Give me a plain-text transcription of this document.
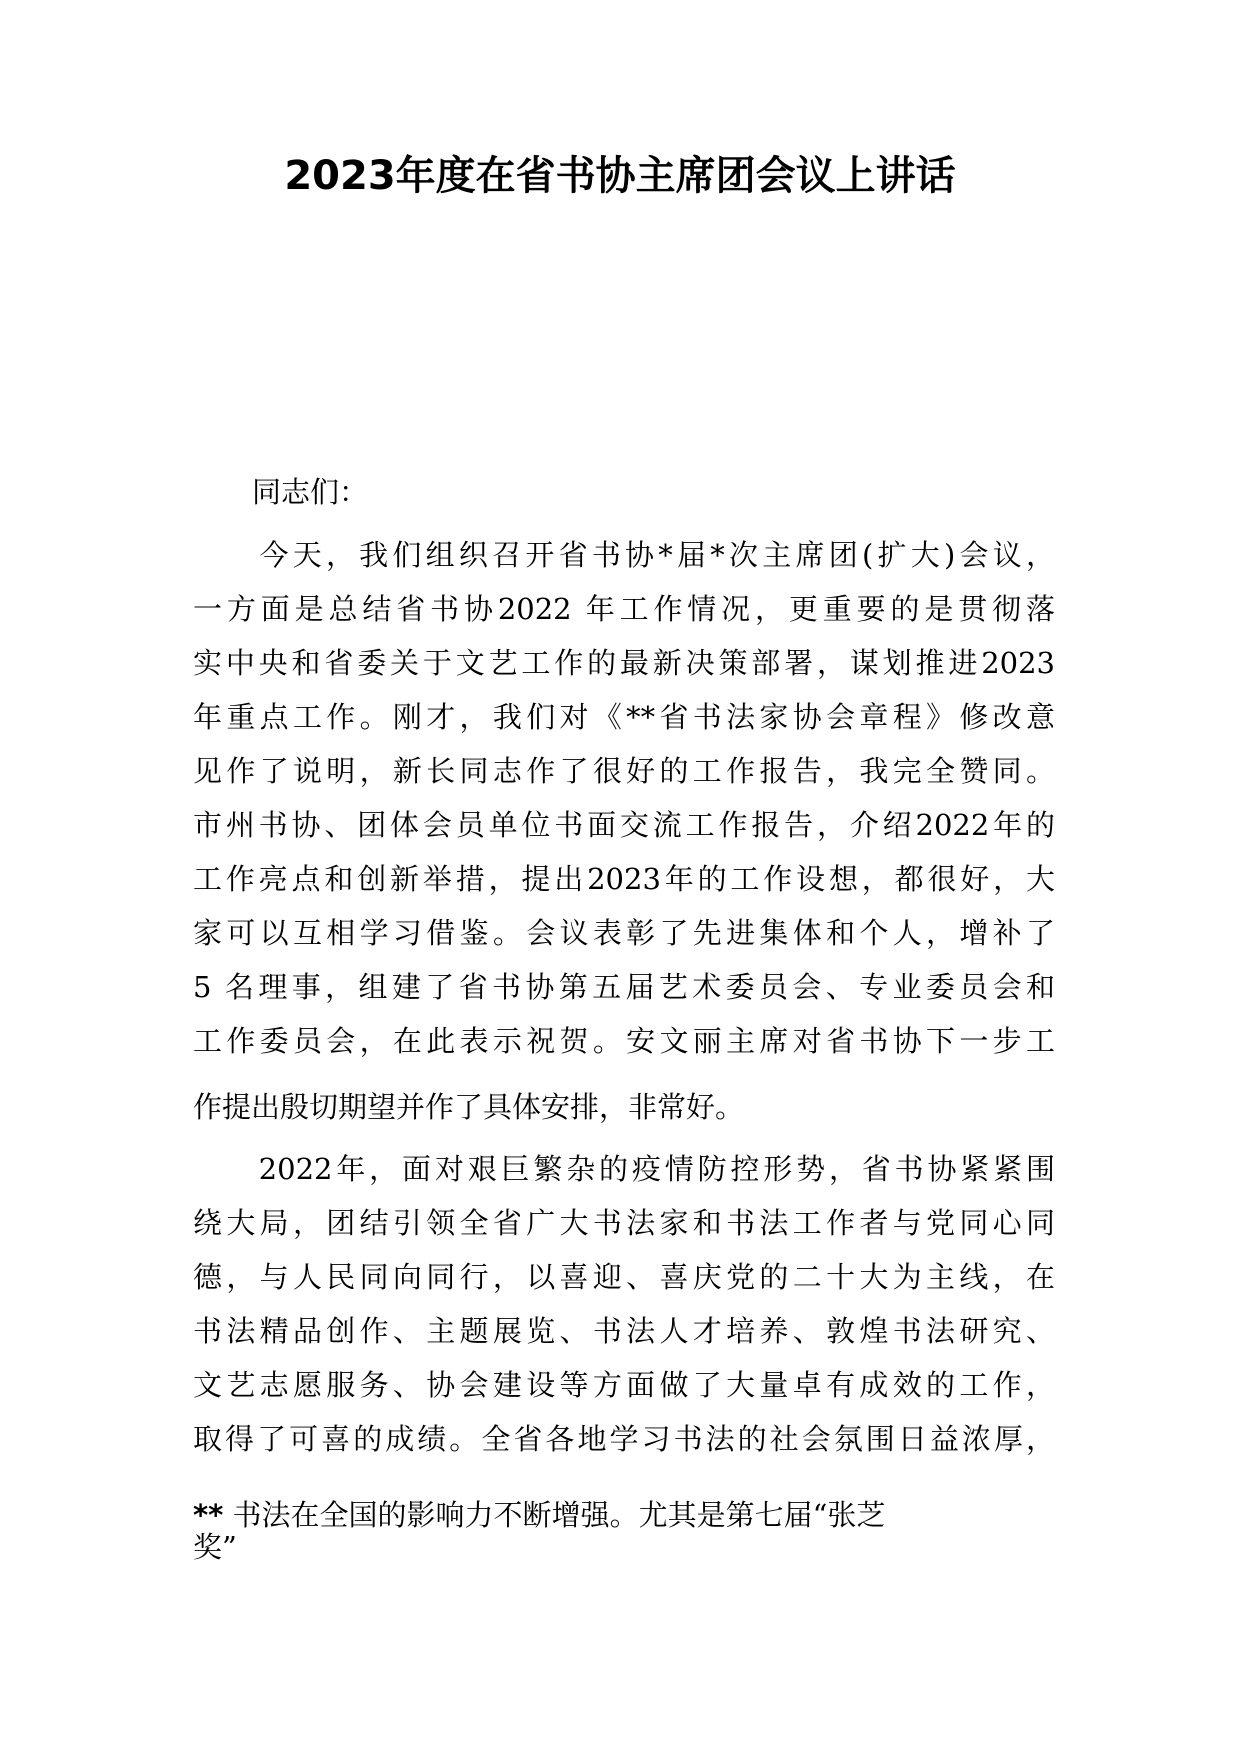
2023年度在省书协主席团会议上讲话
同志们：
　　今天，我们组织召开省书协*届*次主席团(扩大)会议，
一方面是总结省书协2022 年工作情况，更重要的是贯彻落
实中央和省委关于文艺工作的最新决策部署，谋划推进2023
年重点工作。刚才，我们对《**省书法家协会章程》修改意
见作了说明，新长同志作了很好的工作报告，我完全赞同。
市州书协、团体会员单位书面交流工作报告，介绍2022年的
工作亮点和创新举措，提出2023年的工作设想，都很好，大
家可以互相学习借鉴。会议表彰了先进集体和个人，增补了
5 名理事，组建了省书协第五届艺术委员会、专业委员会和
工作委员会，在此表示祝贺。安文丽主席对省书协下一步工
作提出殷切期望并作了具体安排，非常好。
　　2022年，面对艰巨繁杂的疫情防控形势，省书协紧紧围
绕大局，团结引领全省广大书法家和书法工作者与党同心同
德，与人民同向同行，以喜迎、喜庆党的二十大为主线，在
书法精品创作、主题展览、书法人才培养、敦煌书法研究、
文艺志愿服务、协会建设等方面做了大量卓有成效的工作，
取得了可喜的成绩。全省各地学习书法的社会氛围日益浓厚，
** 书法在全国的影响力不断增强。尤其是第七届“张芝
奖”
